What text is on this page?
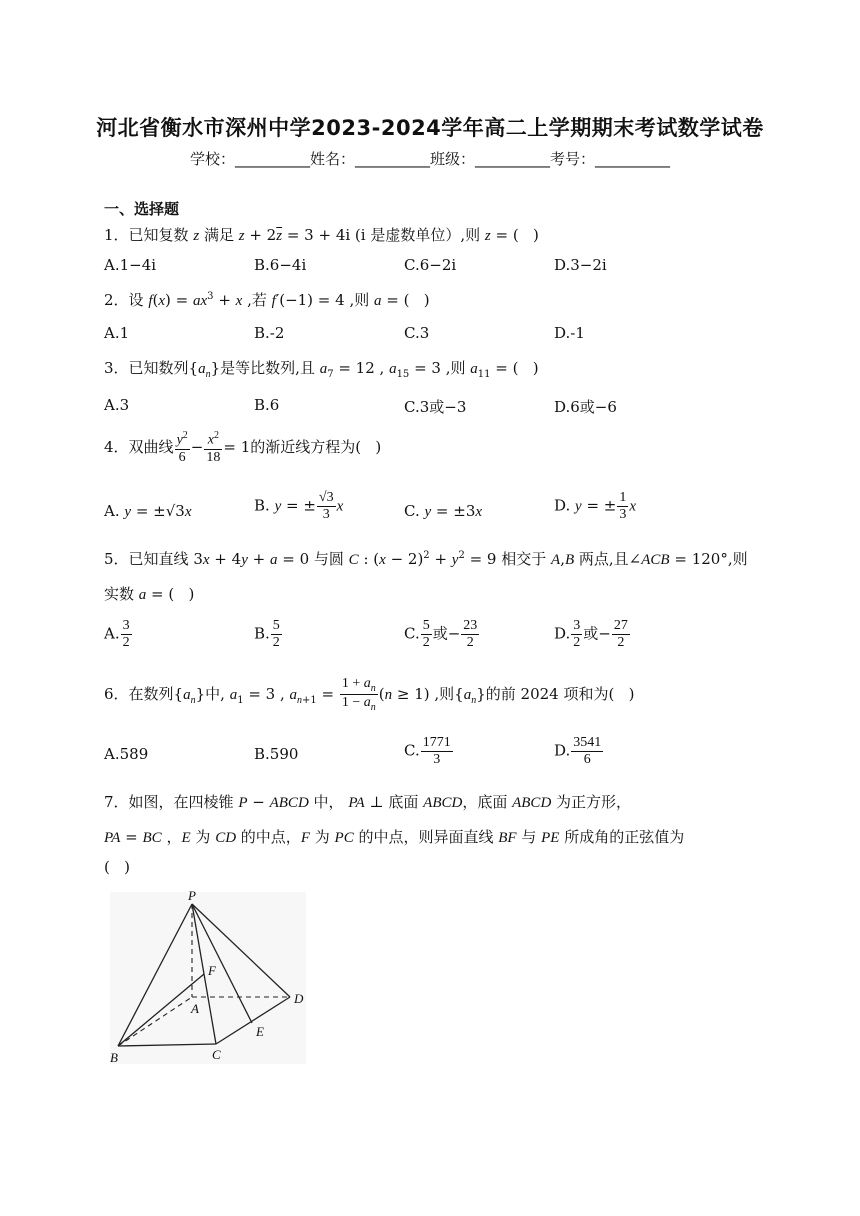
河北省衡水市深州中学2023-2024学年高二上学期期末考试数学试卷
学校：__________姓名：__________班级：__________考号：__________
一、选择题
1．已知复数 z 满足 $z + 2\overline{z} = 3 + 4i$ (i 是虚数单位）,则 z = (   )
A.1−4i	B.6−4i	C.6−2i	D.3−2i
2．设 $f(x) = ax^3 + x$ ,若 f′(−1) = 4 ,则 a = (   )
A.1	B.-2	C.3	D.-1
3．已知数列$\{a_n\}$是等比数列,且 $a_7 = 12$ , $a_{15} = 3$ ,则 $a_{11}$ = (   )
A.3	B.6	C.3或−3	D.6或−6
4．双曲线 $\frac{y^2}{6} - \frac{x^2}{18} = 1$的渐近线方程为(   )
A. y = ±√3x	B. y = ± $\frac{√3}{3}$ x	C. y = ±3x	D. y = ± $\frac{1}{3}$ x
5．已知直线 3x + 4y + a = 0 与圆 C : $(x - 2)^2 + y^2 = 9$ 相交于 A,B 两点,且∠ACB = 120°,则
实数 a = (   )
A. $\frac{3}{2}$	B. $\frac{5}{2}$	C. $\frac{5}{2}$ 或− $\frac{23}{2}$	D. $\frac{3}{2}$ 或− $\frac{27}{2}$
6．在数列$\{a_n\}$中, $a_1 = 3$ , $a_{n+1} = \frac{1 + a_n}{1 - a_n} (n \ge 1)$ ,则$\{a_n\}$的前 2024 项和为(   )
A.589	B.590	C. $\frac{1771}{3}$	D. $\frac{3541}{6}$
7．如图，在四棱锥 P − ABCD 中， PA ⊥ 底面 ABCD，底面 ABCD 为正方形，
PA = BC ，E 为 CD 的中点，F 为 PC 的中点，则异面直线 BF 与 PE 所成角的正弦值为
(   )
P
A
B	C
D
E
F
